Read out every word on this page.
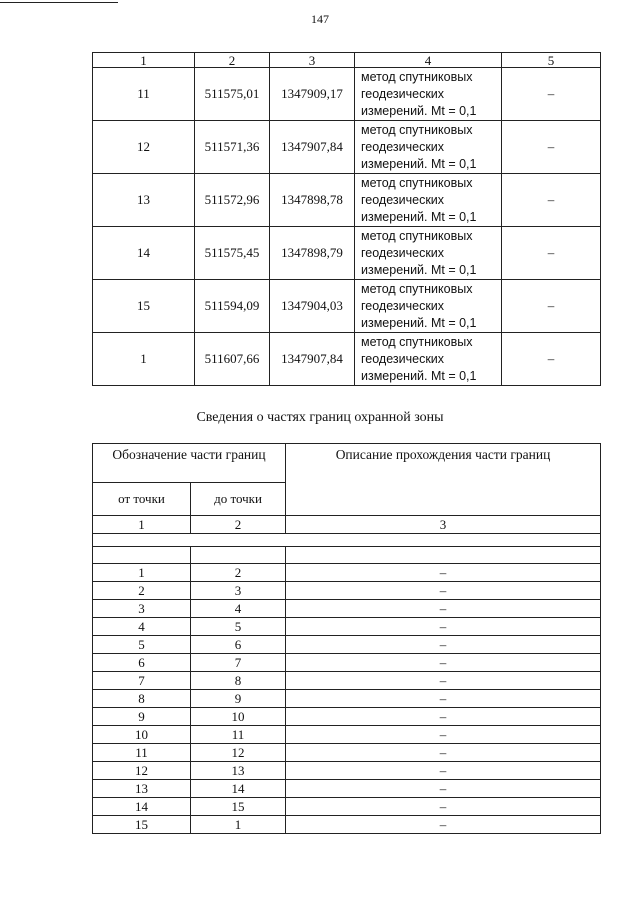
147
1	2	3	4	5
11	511575,01	1347909,17	метод спутниковых
геодезических
измерений. Mt = 0,1	–
12	511571,36	1347907,84	метод спутниковых
геодезических
измерений. Mt = 0,1	–
13	511572,96	1347898,78	метод спутниковых
геодезических
измерений. Mt = 0,1	–
14	511575,45	1347898,79	метод спутниковых
геодезических
измерений. Mt = 0,1	–
15	511594,09	1347904,03	метод спутниковых
геодезических
измерений. Mt = 0,1	–
1	511607,66	1347907,84	метод спутниковых
геодезических
измерений. Mt = 0,1	–
Сведения о частях границ охранной зоны
Обозначение части границ		Описание прохождения части границ
от точки	до точки	
1	2	3

1	2	–
2	3	–
3	4	–
4	5	–
5	6	–
6	7	–
7	8	–
8	9	–
9	10	–
10	11	–
11	12	–
12	13	–
13	14	–
14	15	–
15	1	–
